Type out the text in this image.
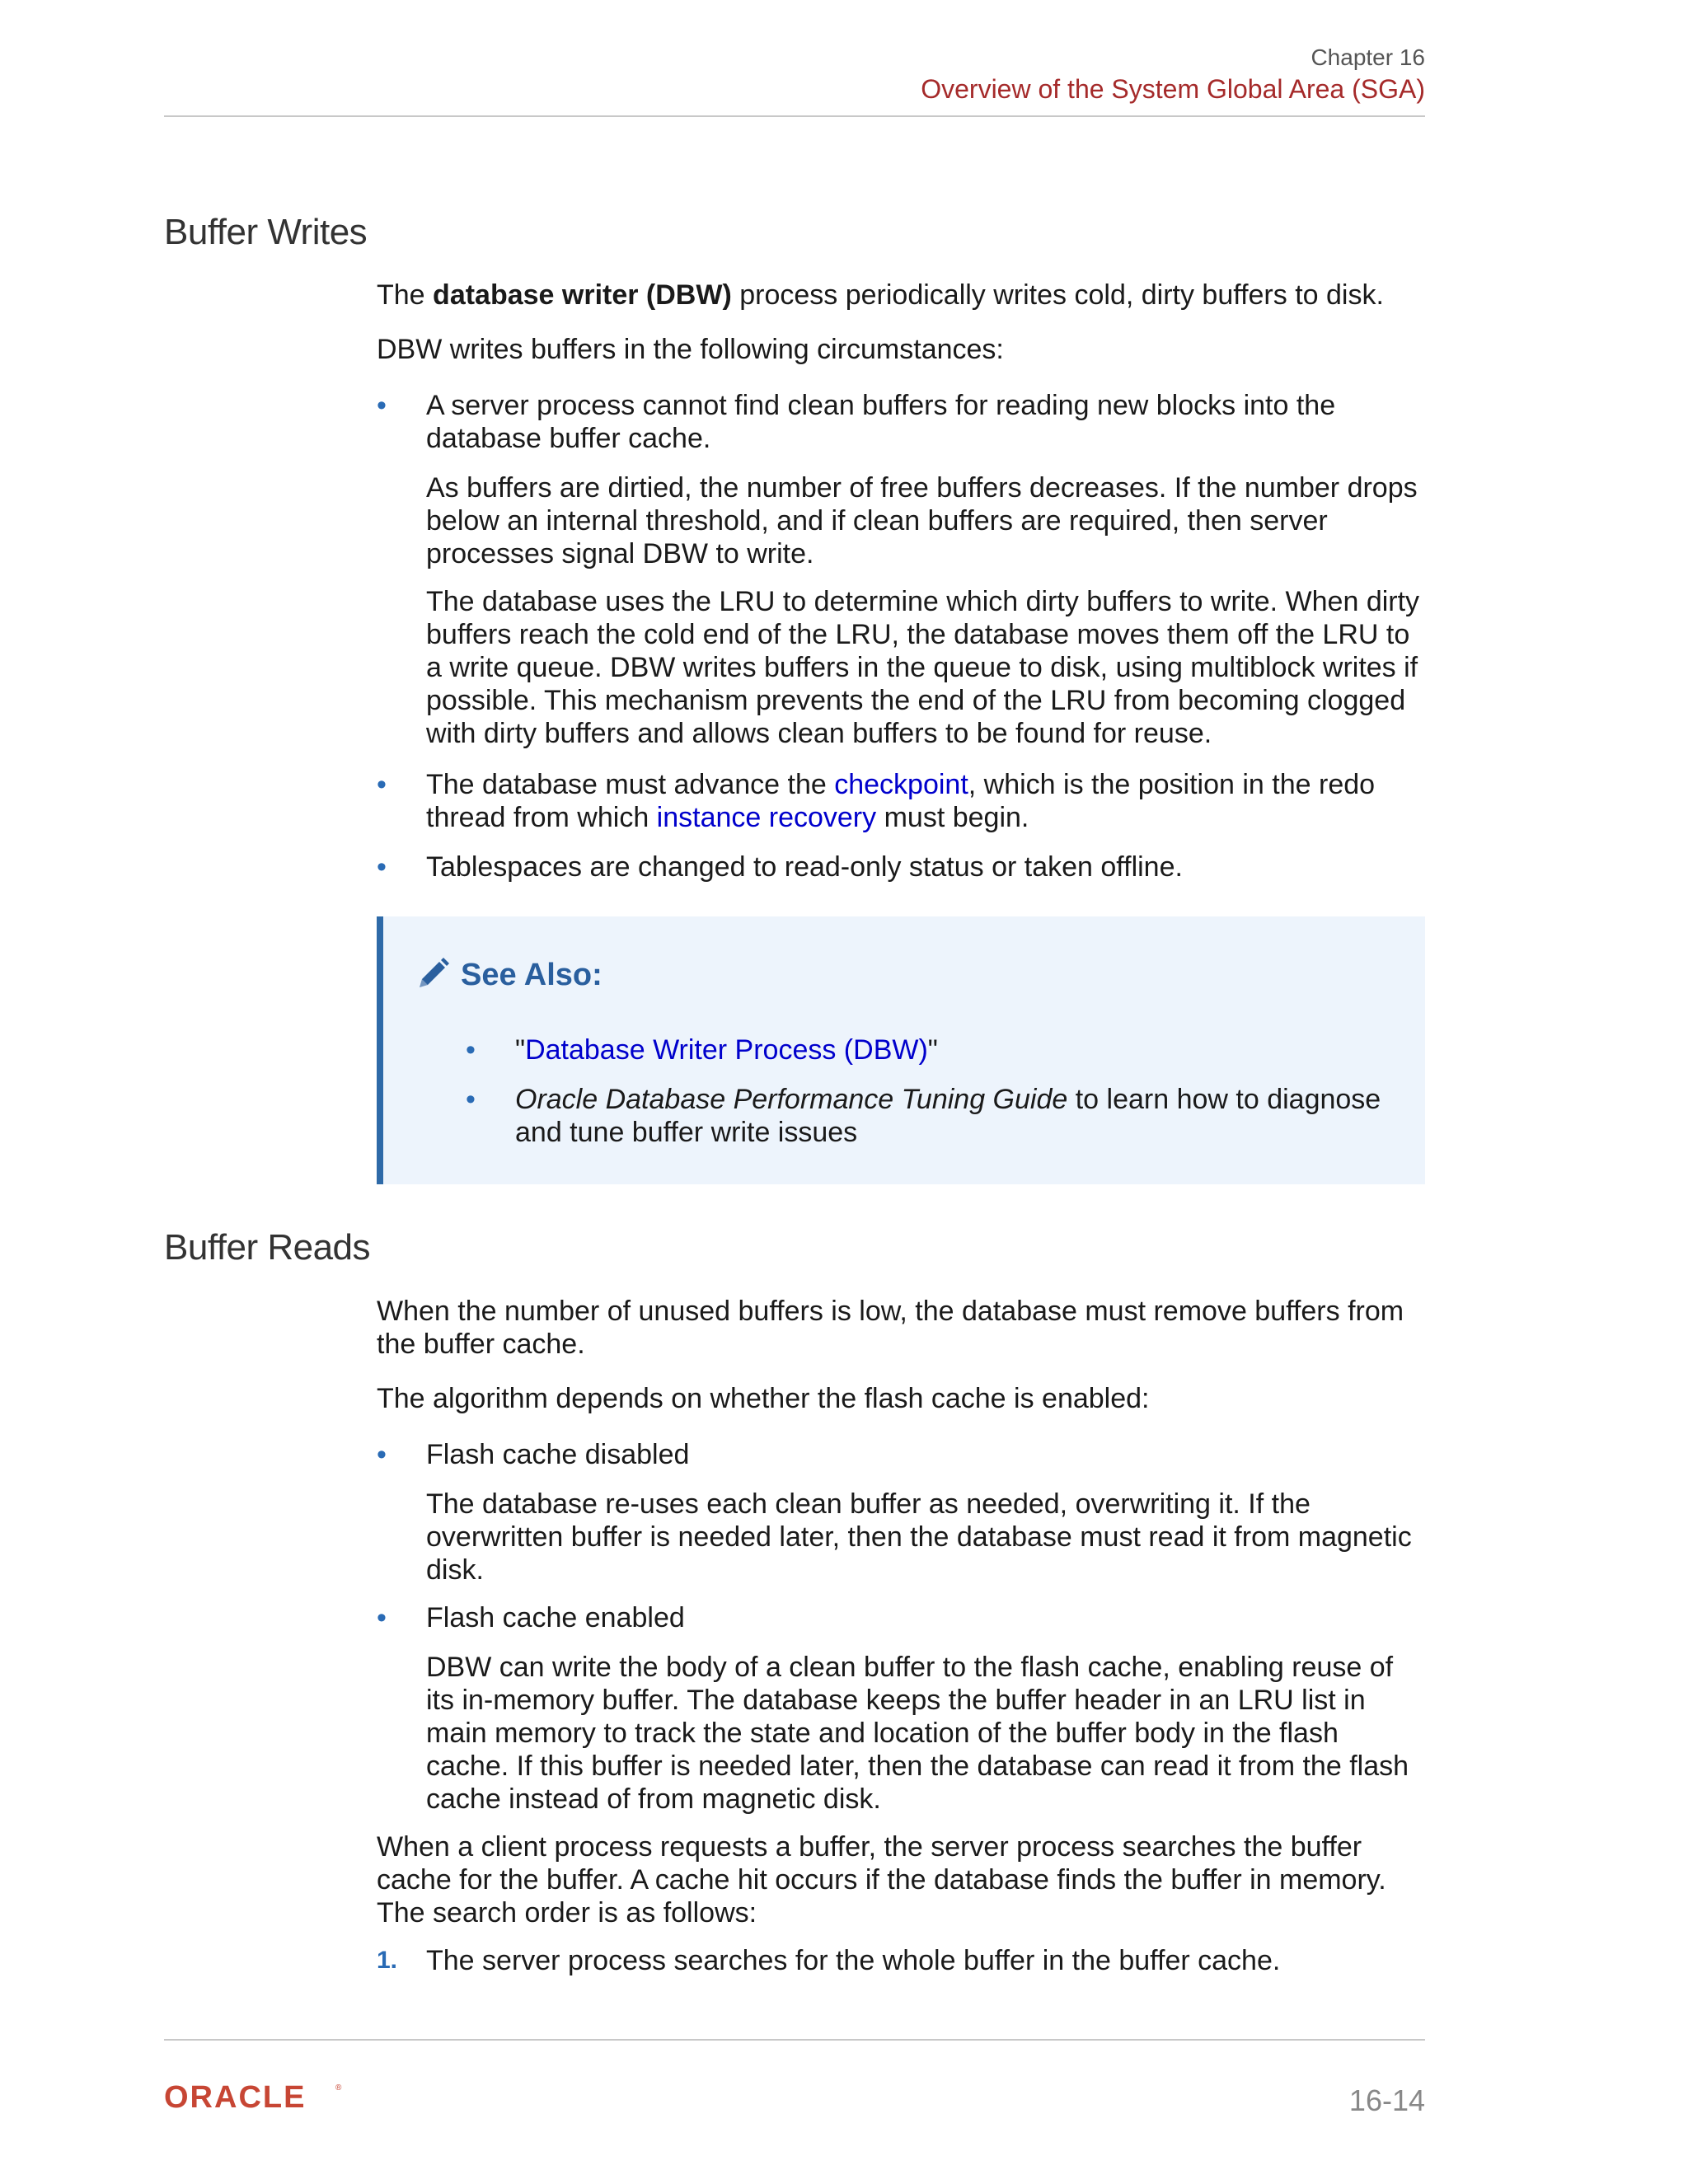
Chapter 16
Overview of the System Global Area (SGA)
Buffer Writes

The database writer (DBW) process periodically writes cold, dirty buffers to disk.

DBW writes buffers in the following circumstances:

• A server process cannot find clean buffers for reading new blocks into the database buffer cache.

As buffers are dirtied, the number of free buffers decreases. If the number drops below an internal threshold, and if clean buffers are required, then server processes signal DBW to write.

The database uses the LRU to determine which dirty buffers to write. When dirty buffers reach the cold end of the LRU, the database moves them off the LRU to a write queue. DBW writes buffers in the queue to disk, using multiblock writes if possible. This mechanism prevents the end of the LRU from becoming clogged with dirty buffers and allows clean buffers to be found for reuse.

• The database must advance the checkpoint, which is the position in the redo thread from which instance recovery must begin.

• Tablespaces are changed to read-only status or taken offline.

See Also:
• "Database Writer Process (DBW)"

• Oracle Database Performance Tuning Guide to learn how to diagnose and tune buffer write issues

Buffer Reads

When the number of unused buffers is low, the database must remove buffers from the buffer cache.

The algorithm depends on whether the flash cache is enabled:

• Flash cache disabled

The database re-uses each clean buffer as needed, overwriting it. If the overwritten buffer is needed later, then the database must read it from magnetic disk.

• Flash cache enabled

DBW can write the body of a clean buffer to the flash cache, enabling reuse of its in-memory buffer. The database keeps the buffer header in an LRU list in main memory to track the state and location of the buffer body in the flash cache. If this buffer is needed later, then the database can read it from the flash cache instead of from magnetic disk.

When a client process requests a buffer, the server process searches the buffer cache for the buffer. A cache hit occurs if the database finds the buffer in memory. The search order is as follows:

1. The server process searches for the whole buffer in the buffer cache.

ORACLE	®	16-14
